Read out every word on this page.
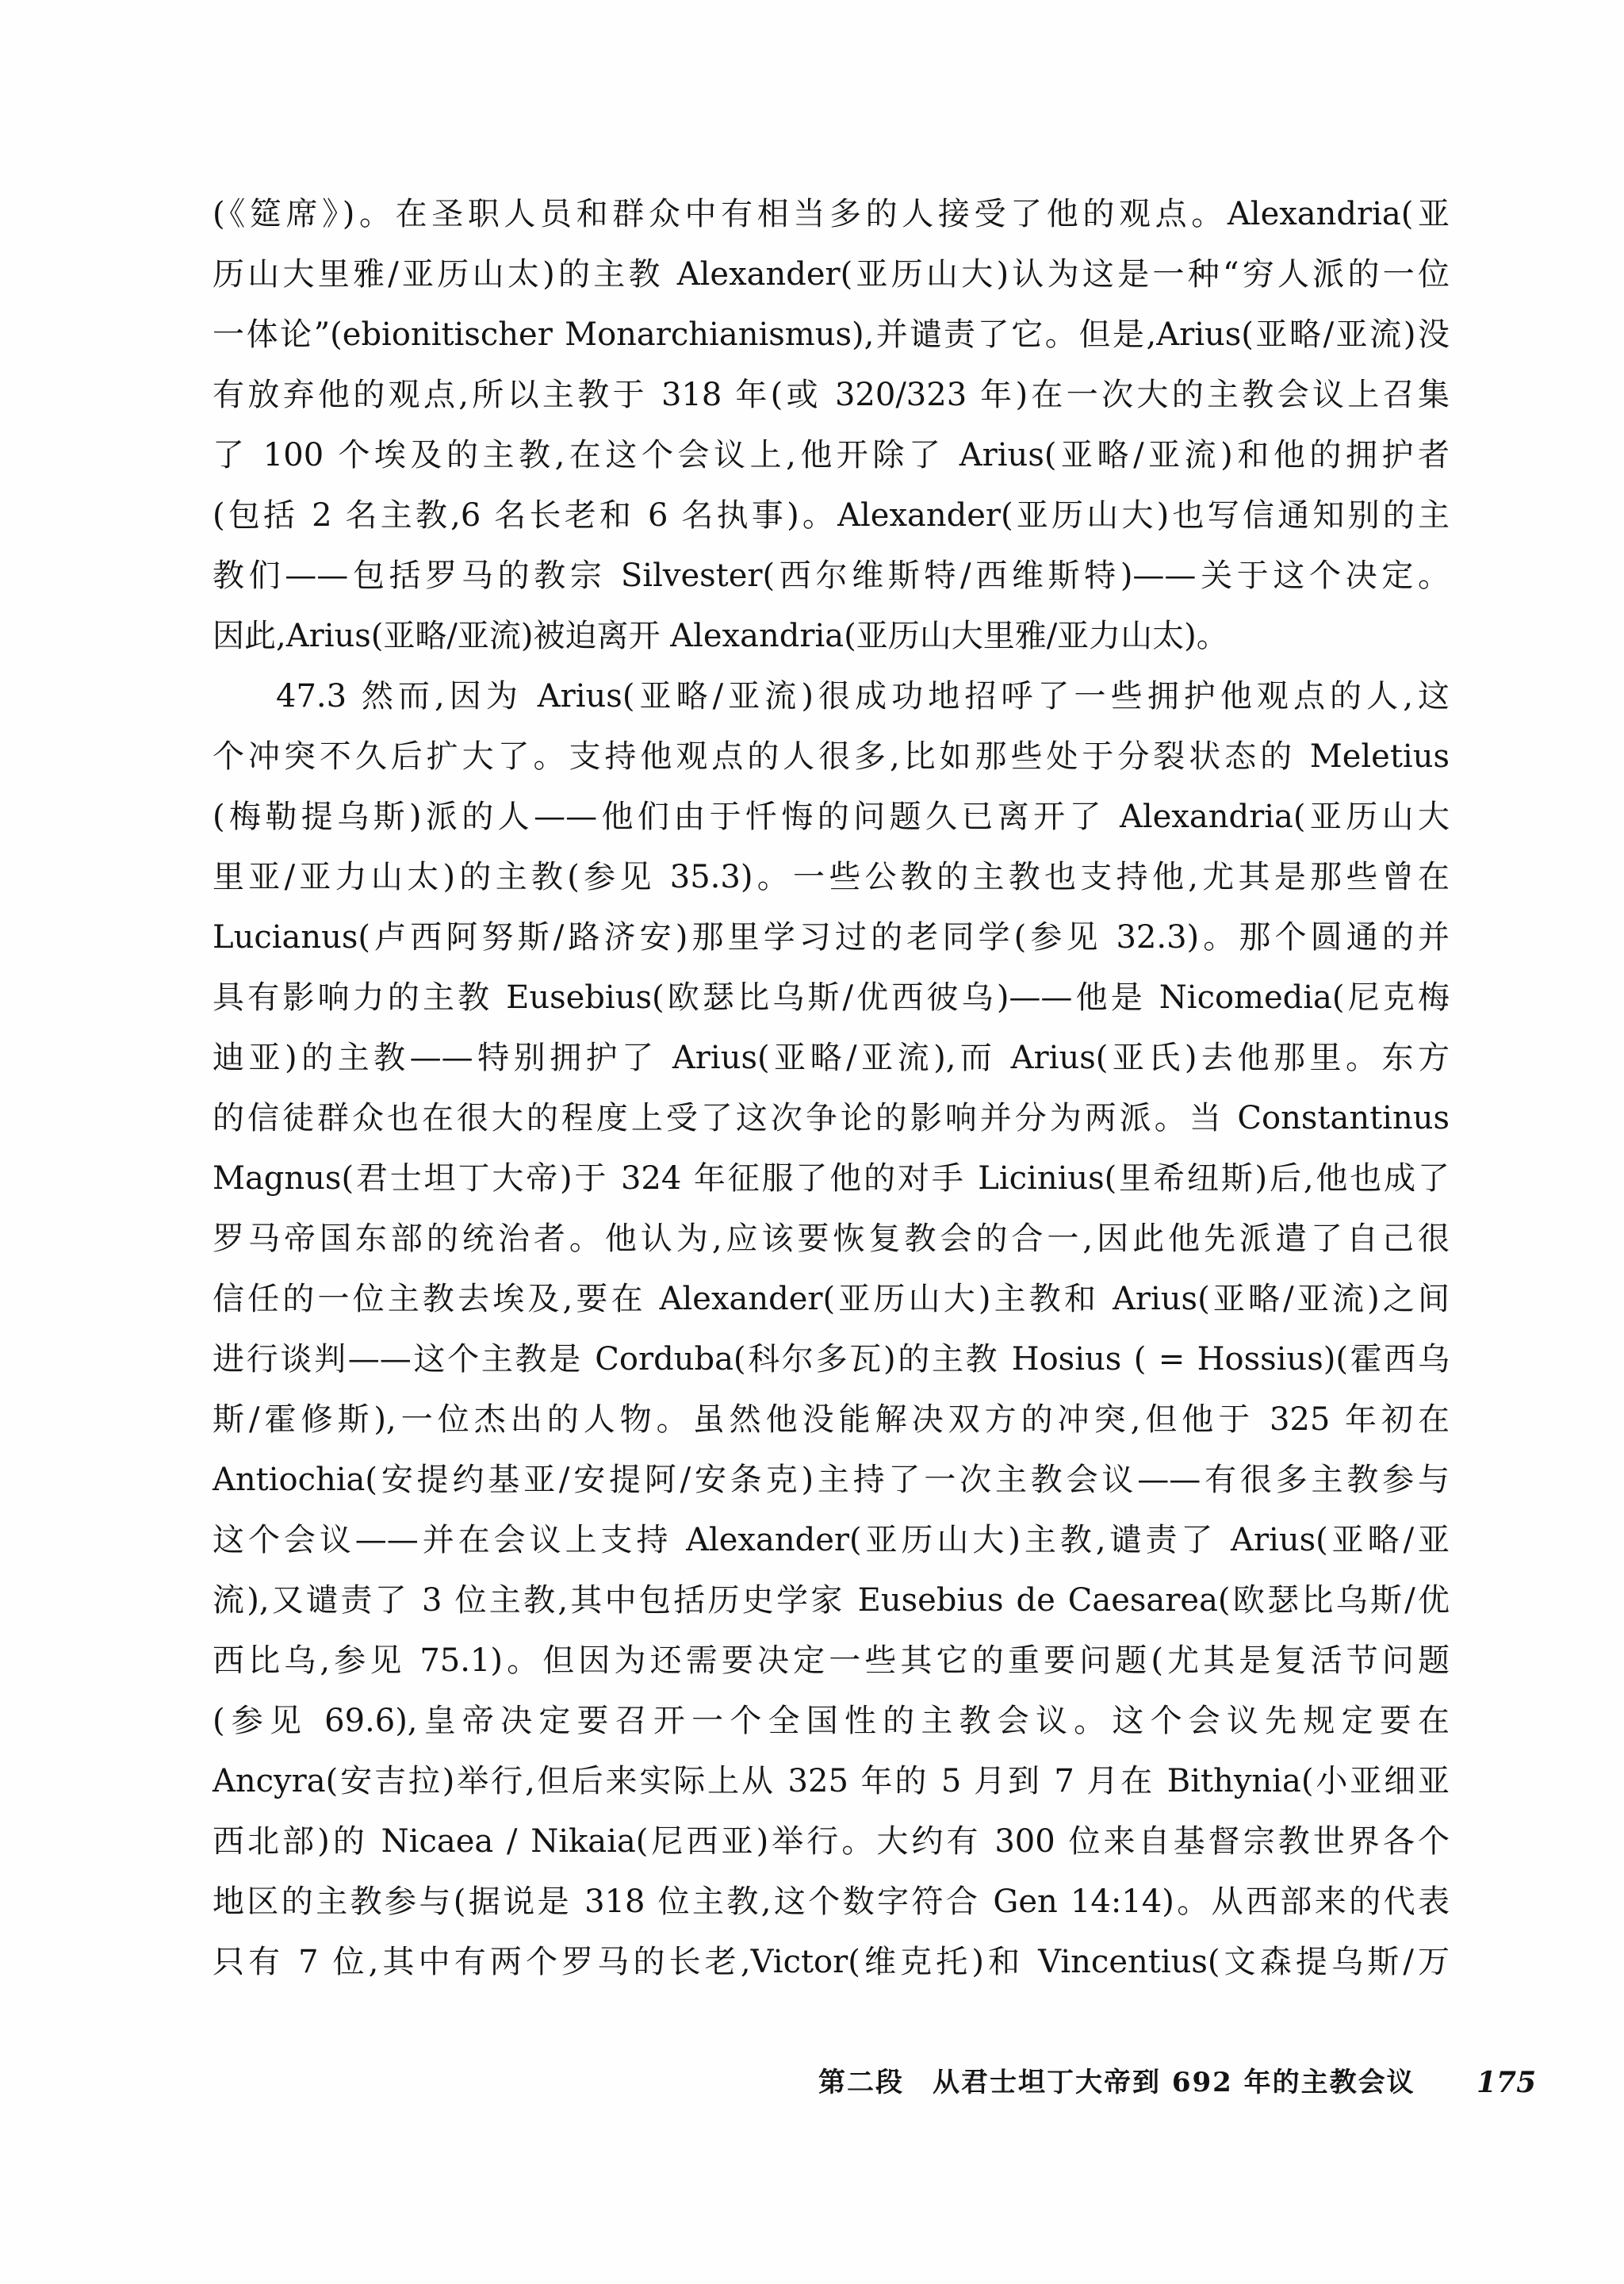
(《筵席》)。在圣职人员和群众中有相当多的人接受了他的观点。Alexandria(亚
历山大里雅/亚历山太)的主教 Alexander(亚历山大)认为这是一种“穷人派的一位
一体论”(ebionitischer Monarchianismus),并谴责了它。但是,Arius(亚略/亚流)没
有放弃他的观点,所以主教于 318 年(或 320/323 年)在一次大的主教会议上召集
了 100 个埃及的主教,在这个会议上,他开除了 Arius(亚略/亚流)和他的拥护者
(包括 2 名主教,6 名长老和 6 名执事)。Alexander(亚历山大)也写信通知别的主
教们——包括罗马的教宗 Silvester(西尔维斯特/西维斯特)——关于这个决定。
因此,Arius(亚略/亚流)被迫离开 Alexandria(亚历山大里雅/亚力山太)。
47.3 然而,因为 Arius(亚略/亚流)很成功地招呼了一些拥护他观点的人,这
个冲突不久后扩大了。支持他观点的人很多,比如那些处于分裂状态的 Meletius
(梅勒提乌斯)派的人——他们由于忏悔的问题久已离开了 Alexandria(亚历山大
里亚/亚力山太)的主教(参见 35.3)。一些公教的主教也支持他,尤其是那些曾在
Lucianus(卢西阿努斯/路济安)那里学习过的老同学(参见 32.3)。那个圆通的并
具有影响力的主教 Eusebius(欧瑟比乌斯/优西彼乌)——他是 Nicomedia(尼克梅
迪亚)的主教——特别拥护了 Arius(亚略/亚流),而 Arius(亚氏)去他那里。东方
的信徒群众也在很大的程度上受了这次争论的影响并分为两派。当 Constantinus
Magnus(君士坦丁大帝)于 324 年征服了他的对手 Licinius(里希纽斯)后,他也成了
罗马帝国东部的统治者。他认为,应该要恢复教会的合一,因此他先派遣了自己很
信任的一位主教去埃及,要在 Alexander(亚历山大)主教和 Arius(亚略/亚流)之间
进行谈判——这个主教是 Corduba(科尔多瓦)的主教 Hosius ( = Hossius)(霍西乌
斯/霍修斯),一位杰出的人物。虽然他没能解决双方的冲突,但他于 325 年初在
Antiochia(安提约基亚/安提阿/安条克)主持了一次主教会议——有很多主教参与
这个会议——并在会议上支持 Alexander(亚历山大)主教,谴责了 Arius(亚略/亚
流),又谴责了 3 位主教,其中包括历史学家 Eusebius de Caesarea(欧瑟比乌斯/优
西比乌,参见 75.1)。但因为还需要决定一些其它的重要问题(尤其是复活节问题
(参见 69.6),皇帝决定要召开一个全国性的主教会议。这个会议先规定要在
Ancyra(安吉拉)举行,但后来实际上从 325 年的 5 月到 7 月在 Bithynia(小亚细亚
西北部)的 Nicaea / Nikaia(尼西亚)举行。大约有 300 位来自基督宗教世界各个
地区的主教参与(据说是 318 位主教,这个数字符合 Gen 14:14)。从西部来的代表
只有 7 位,其中有两个罗马的长老,Victor(维克托)和 Vincentius(文森提乌斯/万
第二段　从君士坦丁大帝到 692 年的主教会议 175
